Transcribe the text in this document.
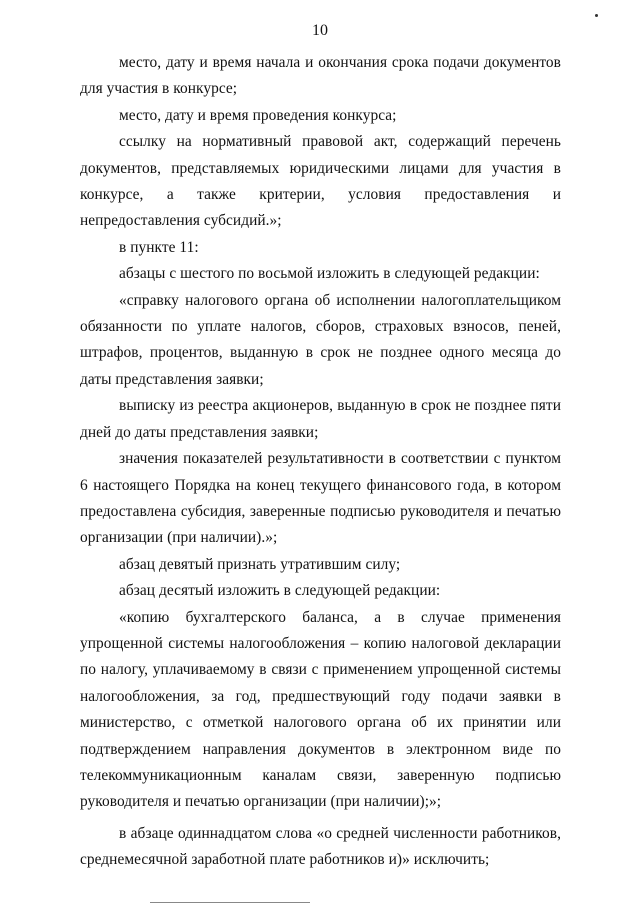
10

место, дату и время начала и окончания срока подачи документов для участия в конкурсе;

место, дату и время проведения конкурса;

ссылку на нормативный правовой акт, содержащий перечень документов, представляемых юридическими лицами для участия в конкурсе, а также критерии, условия предоставления и непредоставления субсидий.»;

в пункте 11:

абзацы с шестого по восьмой изложить в следующей редакции:

«справку налогового органа об исполнении налогоплательщиком обязанности по уплате налогов, сборов, страховых взносов, пеней, штрафов, процентов, выданную в срок не позднее одного месяца до даты представления заявки;

выписку из реестра акционеров, выданную в срок не позднее пяти дней до даты представления заявки;

значения показателей результативности в соответствии с пунктом 6 настоящего Порядка на конец текущего финансового года, в котором предоставлена субсидия, заверенные подписью руководителя и печатью организации (при наличии).»;

абзац девятый признать утратившим силу;

абзац десятый изложить в следующей редакции:

«копию бухгалтерского баланса, а в случае применения упрощенной системы налогообложения – копию налоговой декларации по налогу, уплачиваемому в связи с применением упрощенной системы налогообложения, за год, предшествующий году подачи заявки в министерство, с отметкой налогового органа об их принятии или подтверждением направления документов в электронном виде по телекоммуникационным каналам связи, заверенную подписью руководителя и печатью организации (при наличии);»;

в абзаце одиннадцатом слова «о средней численности работников, среднемесячной заработной плате работников и)» исключить;
